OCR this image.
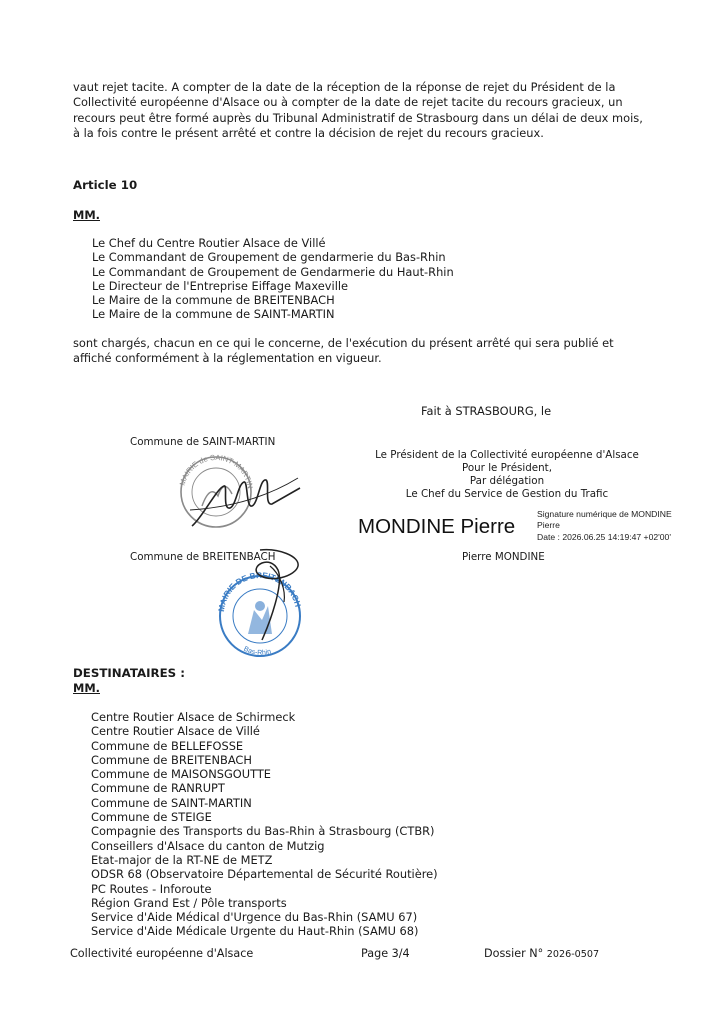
vaut rejet tacite. A compter de la date de la réception de la réponse de rejet du Président de la Collectivité européenne d'Alsace ou à compter de la date de rejet tacite du recours gracieux, un recours peut être formé auprès du Tribunal Administratif de Strasbourg dans un délai de deux mois, à la fois contre le présent arrêté et contre la décision de rejet du recours gracieux.
Article 10
MM.
Le Chef du Centre Routier Alsace de Villé
Le Commandant de Groupement de gendarmerie du Bas-Rhin
Le Commandant de Groupement de Gendarmerie du Haut-Rhin
Le Directeur de l'Entreprise Eiffage Maxeville
Le Maire de la commune de BREITENBACH
Le Maire de la commune de SAINT-MARTIN
sont chargés, chacun en ce qui le concerne, de l'exécution du présent arrêté qui sera publié et affiché conformément à la réglementation en vigueur.
Fait à STRASBOURG, le
Commune de SAINT-MARTIN
MAIRIE de SAINT-MARTIN
Le Président de la Collectivité européenne d'Alsace
Pour le Président,
Par délégation
Le Chef du Service de Gestion du Trafic
MONDINE Pierre
Signature numérique de MONDINE
Pierre
Date : 2026.06.25 14:19:47 +02'00'
Pierre MONDINE
Commune de BREITENBACH
MAIRIE DE BREITENBACH
Bas-Rhin
DESTINATAIRES :
MM.
Centre Routier Alsace de Schirmeck
Centre Routier Alsace de Villé
Commune de BELLEFOSSE
Commune de BREITENBACH
Commune de MAISONSGOUTTE
Commune de RANRUPT
Commune de SAINT-MARTIN
Commune de STEIGE
Compagnie des Transports du Bas-Rhin à Strasbourg (CTBR)
Conseillers d'Alsace du canton de Mutzig
Etat-major de la RT-NE de METZ
ODSR 68 (Observatoire Départemental de Sécurité Routière)
PC Routes - Inforoute
Région Grand Est / Pôle transports
Service d'Aide Médical d'Urgence du Bas-Rhin (SAMU 67)
Service d'Aide Médicale Urgente du Haut-Rhin (SAMU 68)
Collectivité européenne d'Alsace	Page 3/4	Dossier N° 2026-0507
